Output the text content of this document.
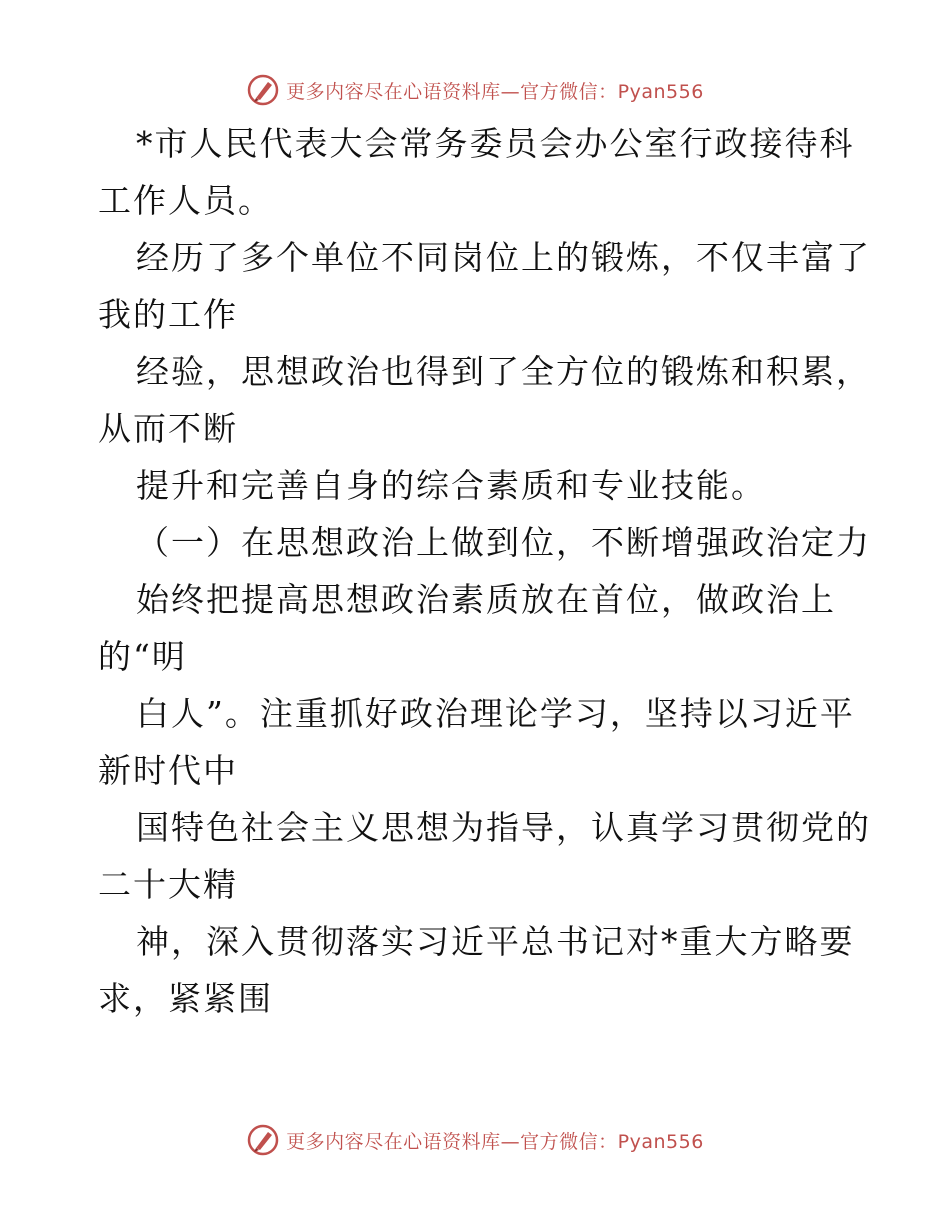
更多内容尽在心语资料库—官方微信：Pyan556
*市人民代表大会常务委员会办公室行政接待科
工作人员。
经历了多个单位不同岗位上的锻炼，不仅丰富了
我的工作
经验，思想政治也得到了全方位的锻炼和积累，
从而不断
提升和完善自身的综合素质和专业技能。
（一）在思想政治上做到位，不断增强政治定力
始终把提高思想政治素质放在首位，做政治上
的“明
白人”。注重抓好政治理论学习，坚持以习近平
新时代中
国特色社会主义思想为指导，认真学习贯彻党的
二十大精
神，深入贯彻落实习近平总书记对*重大方略要
求，紧紧围
更多内容尽在心语资料库—官方微信：Pyan556
